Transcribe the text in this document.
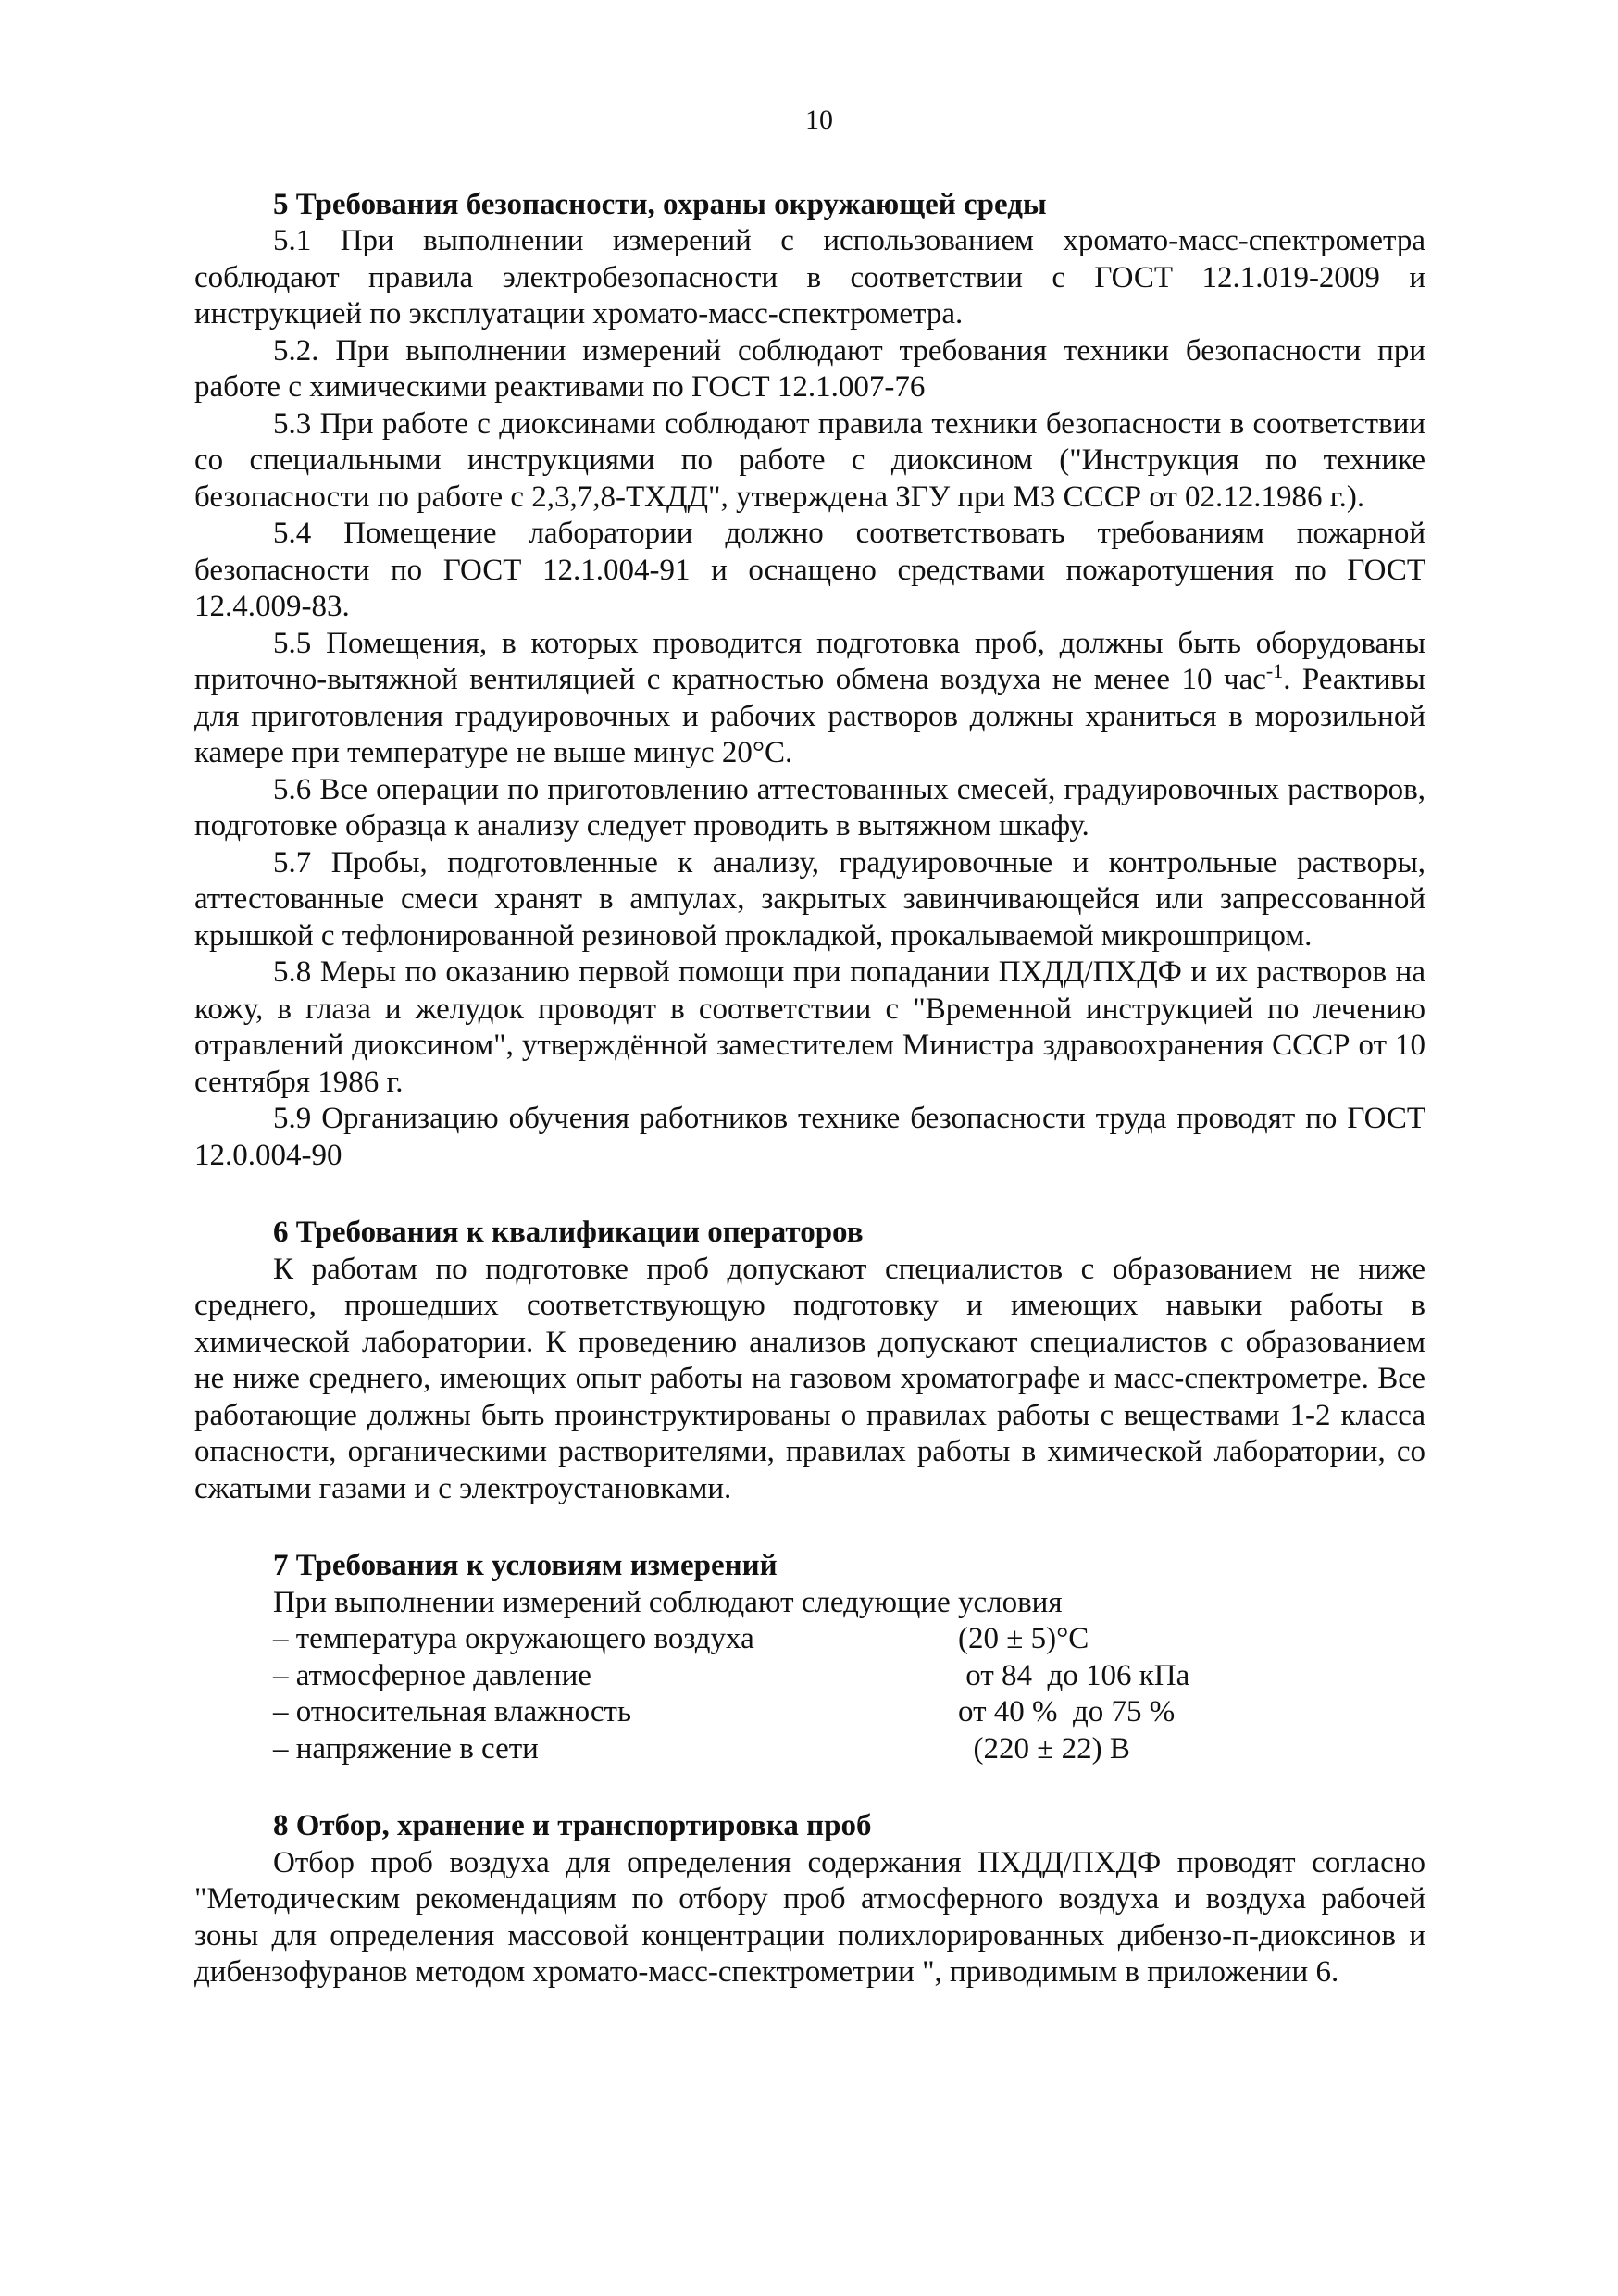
10

5 Требования безопасности, охраны окружающей среды

5.1 При выполнении измерений с использованием хромато-масс-спектрометра соблюдают правила электробезопасности в соответствии с ГОСТ 12.1.019-2009 и инструкцией по эксплуатации хромато-масс-спектрометра.

5.2. При выполнении измерений соблюдают требования техники безопасности при работе с химическими реактивами по ГОСТ 12.1.007-76

5.3 При работе с диоксинами соблюдают правила техники безопасности в соответствии со специальными инструкциями по работе с диоксином ("Инструкция по технике безопасности по работе с 2,3,7,8-ТХДД", утверждена ЗГУ при МЗ СССР от 02.12.1986 г.).

5.4 Помещение лаборатории должно соответствовать требованиям пожарной безопасности по ГОСТ 12.1.004-91 и оснащено средствами пожаротушения по ГОСТ 12.4.009-83.

5.5 Помещения, в которых проводится подготовка проб, должны быть оборудованы приточно-вытяжной вентиляцией с кратностью обмена воздуха не менее 10 час$^{-1}$. Реактивы для приготовления градуировочных и рабочих растворов должны храниться в морозильной камере при температуре не выше минус 20°С.

5.6 Все операции по приготовлению аттестованных смесей, градуировочных растворов, подготовке образца к анализу следует проводить в вытяжном шкафу.

5.7 Пробы, подготовленные к анализу, градуировочные и контрольные растворы, аттестованные смеси хранят в ампулах, закрытых завинчивающейся или запрессованной крышкой с тефлонированной резиновой прокладкой, прокалываемой микрошприцом.

5.8 Меры по оказанию первой помощи при попадании ПХДД/ПХДФ и их растворов на кожу, в глаза и желудок проводят в соответствии с "Временной инструкцией по лечению отравлений диоксином", утверждённой заместителем Министра здравоохранения СССР от 10 сентября 1986 г.

5.9 Организацию обучения работников технике безопасности труда проводят по ГОСТ 12.0.004-90

6 Требования к квалификации операторов

К работам по подготовке проб допускают специалистов с образованием не ниже среднего, прошедших соответствующую подготовку и имеющих навыки работы в химической лаборатории. К проведению анализов допускают специалистов с образованием не ниже среднего, имеющих опыт работы на газовом хроматографе и масс-спектрометре. Все работающие должны быть проинструктированы о правилах работы с веществами 1-2 класса опасности, органическими растворителями, правилах работы в химической лаборатории, со сжатыми газами и с электроустановками.

7 Требования к условиям измерений

При выполнении измерений соблюдают следующие условия

– температура окружающего воздуха	(20 ± 5)°С
– атмосферное давление	от 84  до 106 кПа
– относительная влажность	от 40 %  до 75 %
– напряжение в сети	(220 ± 22) В

8 Отбор, хранение и транспортировка проб

Отбор проб воздуха для определения содержания ПХДД/ПХДФ проводят согласно "Методическим рекомендациям по отбору проб атмосферного воздуха и воздуха рабочей зоны для определения массовой концентрации полихлорированных дибензо-п-диоксинов и дибензофуранов методом хромато-масс-спектрометрии ", приводимым в приложении 6.
